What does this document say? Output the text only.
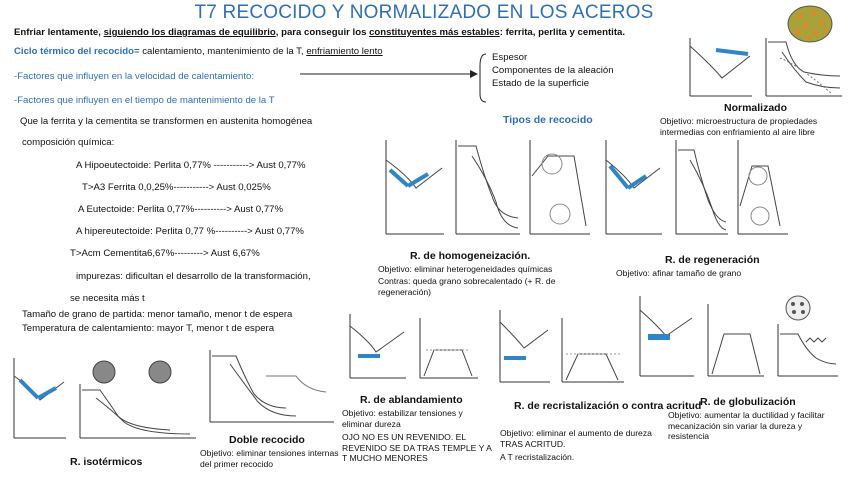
T7 RECOCIDO Y NORMALIZADO EN LOS ACEROS
Enfriar lentamente, siguiendo los diagramas de equilibrio, para conseguir los constituyentes más estables: ferrita, perlita y cementita.
Ciclo térmico del recocido= calentamiento, mantenimiento de la T, enfriamiento lento
-Factores que influyen en la velocidad de calentamiento:
-Factores que influyen en el tiempo de mantenimiento de la T
Espesor
Componentes de la aleación
Estado de la superficie
Que la ferrita y la cementita se transformen en austenita homogénea
composición química:
A Hipoeutectoide: Perlita 0,77% -----------> Aust 0,77%
T>A3 Ferrita 0,0,25%-----------> Aust 0,025%
A Eutectoide: Perlita 0,77%----------> Aust 0,77%
A hipereutectoide: Perlita 0,77 %----------> Aust 0,77%
T>Acm Cementita6,67%---------> Aust 6,67%
impurezas: dificultan el desarrollo de la transformación,
se necesita más t
Tamaño de grano de partida: menor tamaño, menor t de espera
Temperatura de calentamiento: mayor T, menor t de espera
Tipos de recocido
Normalizado
Objetivo: microestructura de propiedades intermedias con enfriamiento al aire libre
R. de homogeneización.
Objetivo: eliminar heterogeneidades químicas
Contras: queda grano sobrecalentado (+ R. de regeneración)
R. de regeneración
Objetivo: afinar tamaño de grano
R. isotérmicos
Doble recocido
Objetivo: eliminar tensiones internas del primer recocido
R. de ablandamiento
Objetivo: estabilizar tensiones y eliminar dureza
OJO NO ES UN REVENIDO. EL REVENIDO SE DA TRAS TEMPLE Y A T MUCHO MENORES
R. de recristalización o contra acritud
Objetivo: eliminar el aumento de dureza TRAS ACRITUD.
A T recristalización.
R. de globulización
Objetivo: aumentar la ductilidad y facilitar mecanización sin variar la dureza y resistencia
